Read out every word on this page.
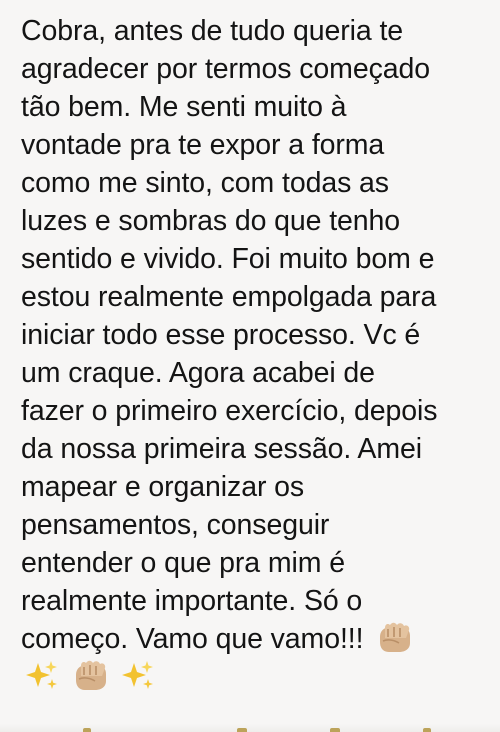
Cobra, antes de tudo queria te
agradecer por termos começado
tão bem. Me senti muito à
vontade pra te expor a forma
como me sinto, com todas as
luzes e sombras do que tenho
sentido e vivido. Foi muito bom e
estou realmente empolgada para
iniciar todo esse processo. Vc é
um craque. Agora acabei de
fazer o primeiro exercício, depois
da nossa primeira sessão. Amei
mapear e organizar os
pensamentos, conseguir
entender o que pra mim é
realmente importante. Só o
começo. Vamo que vamo!!!
